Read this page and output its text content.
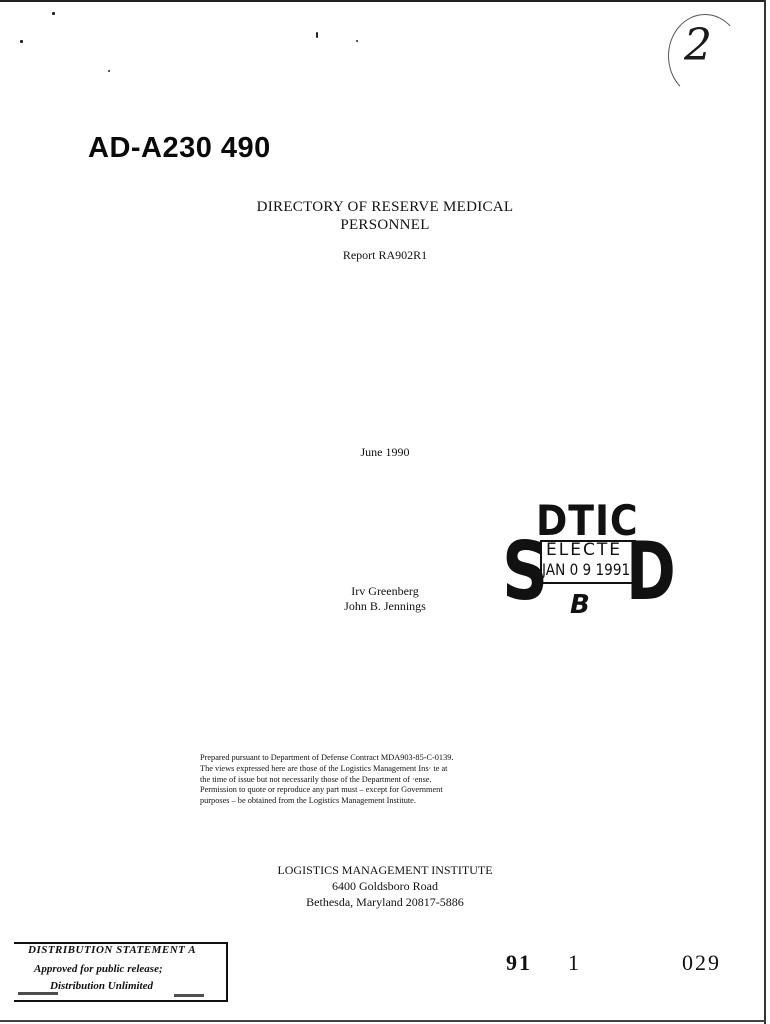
2
AD-A230 490
DIRECTORY OF RESERVE MEDICAL
PERSONNEL
Report RA902R1
June 1990
Irv Greenberg
John B. Jennings
DTIC
S
ELECTE
JAN 0 9 1991
D
B
Prepared pursuant to Department of Defense Contract MDA903-85-C-0139.
The views expressed here are those of the Logistics Management Ins· te at
the time of issue but not necessarily those of the Department of ·ense.
Permission to quote or reproduce any part must – except for Government
purposes – be obtained from the Logistics Management Institute.
LOGISTICS MANAGEMENT INSTITUTE
6400 Goldsboro Road
Bethesda, Maryland 20817-5886
DISTRIBUTION STATEMENT A
Approved for public release;
Distribution Unlimited
91 1	029
